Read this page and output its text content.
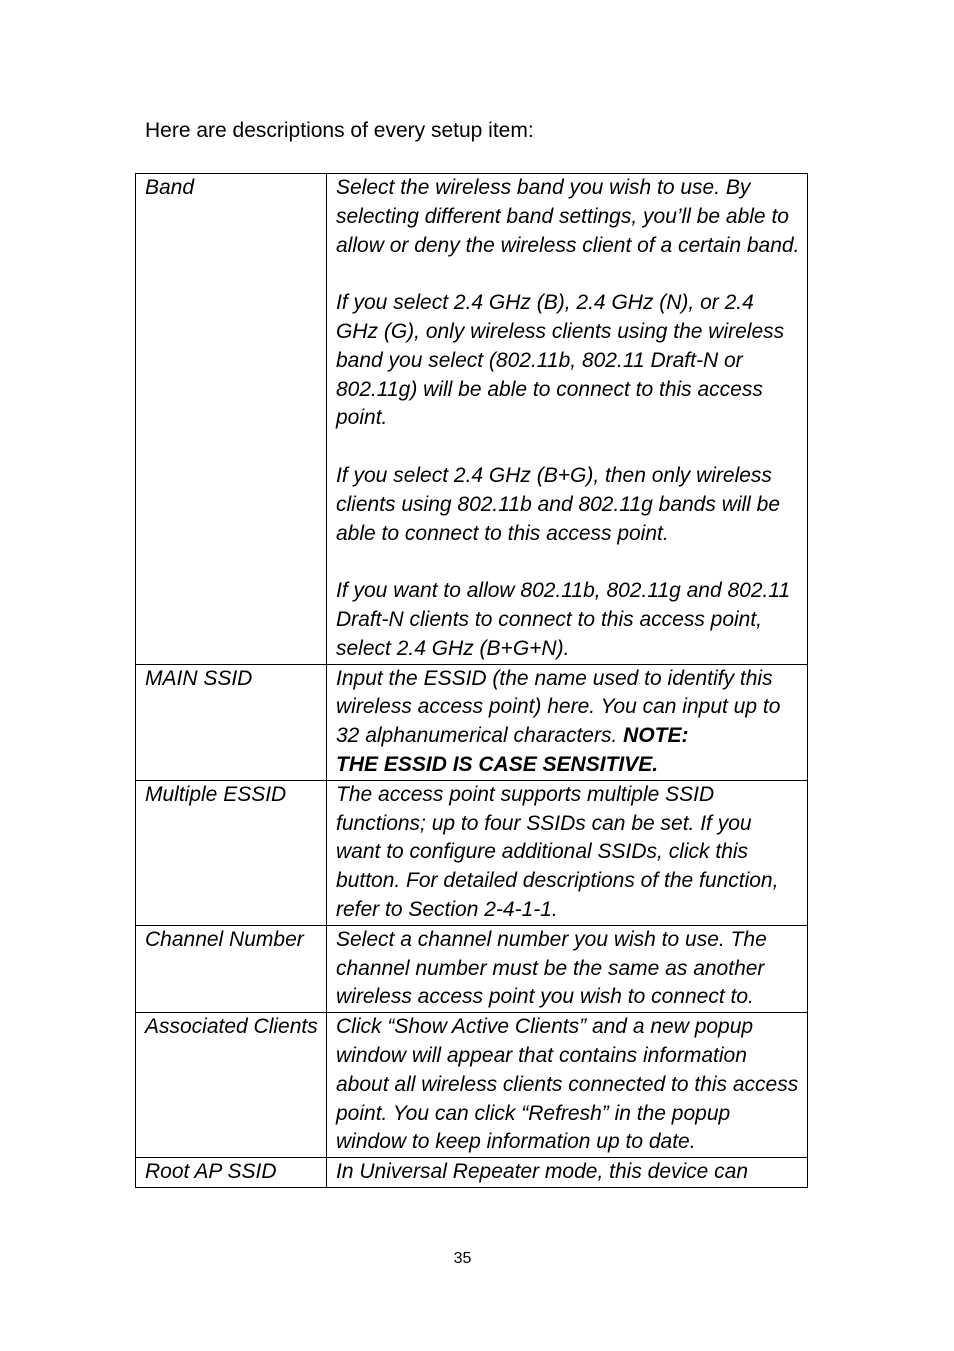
Here are descriptions of every setup item:

Band	Select the wireless band you wish to use. By selecting different band settings, you’ll be able to allow or deny the wireless client of a certain band.

If you select 2.4 GHz (B), 2.4 GHz (N), or 2.4 GHz (G), only wireless clients using the wireless band you select (802.11b, 802.11 Draft-N or 802.11g) will be able to connect to this access point.

If you select 2.4 GHz (B+G), then only wireless clients using 802.11b and 802.11g bands will be able to connect to this access point.

If you want to allow 802.11b, 802.11g and 802.11 Draft-N clients to connect to this access point, select 2.4 GHz (B+G+N).

MAIN SSID	Input the ESSID (the name used to identify this wireless access point) here. You can input up to 32 alphanumerical characters. NOTE:
THE ESSID IS CASE SENSITIVE.
Multiple ESSID	The access point supports multiple SSID functions; up to four SSIDs can be set. If you want to configure additional SSIDs, click this button. For detailed descriptions of the function, refer to Section 2-4-1-1.
Channel Number	Select a channel number you wish to use. The channel number must be the same as another wireless access point you wish to connect to.
Associated Clients	Click “Show Active Clients” and a new popup window will appear that contains information about all wireless clients connected to this access point. You can click “Refresh” in the popup window to keep information up to date.
Root AP SSID	In Universal Repeater mode, this device can
35
